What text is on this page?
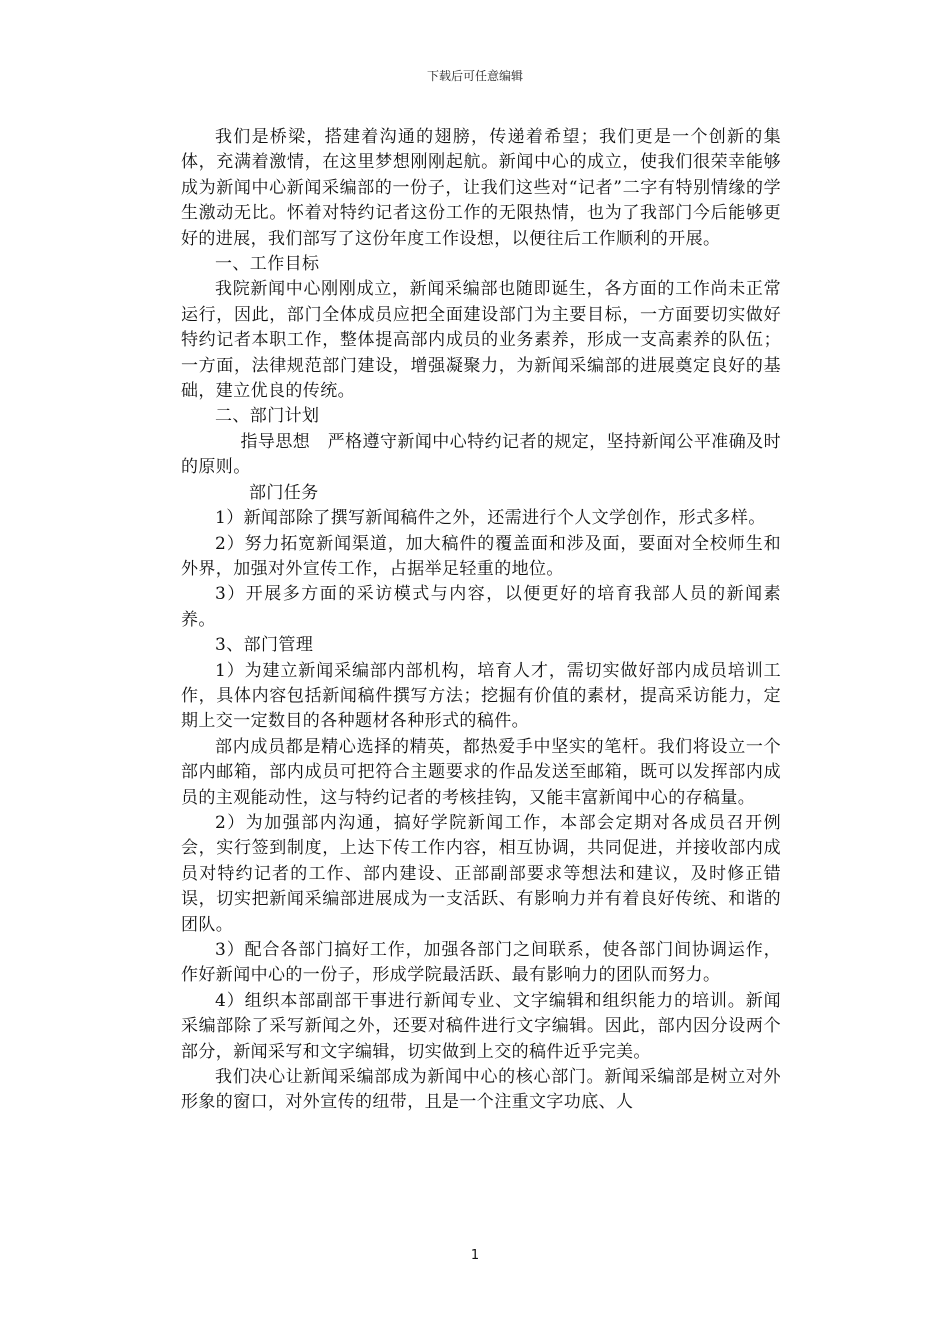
下载后可任意编辑

我们是桥梁，搭建着沟通的翅膀，传递着希望；我们更是一个创新的集体，充满着激情，在这里梦想刚刚起航。新闻中心的成立，使我们很荣幸能够成为新闻中心新闻采编部的一份子，让我们这些对“记者”二字有特别情缘的学生激动无比。怀着对特约记者这份工作的无限热情，也为了我部门今后能够更好的进展，我们部写了这份年度工作设想，以便往后工作顺利的开展。

一、工作目标

我院新闻中心刚刚成立，新闻采编部也随即诞生，各方面的工作尚未正常运行，因此，部门全体成员应把全面建设部门为主要目标，一方面要切实做好特约记者本职工作，整体提高部内成员的业务素养，形成一支高素养的队伍；一方面，法律规范部门建设，增强凝聚力，为新闻采编部的进展奠定良好的基础，建立优良的传统。

二、部门计划

指导思想　严格遵守新闻中心特约记者的规定，坚持新闻公平准确及时的原则。

部门任务

1）新闻部除了撰写新闻稿件之外，还需进行个人文学创作，形式多样。

2）努力拓宽新闻渠道，加大稿件的覆盖面和涉及面，要面对全校师生和外界，加强对外宣传工作，占据举足轻重的地位。

3）开展多方面的采访模式与内容，以便更好的培育我部人员的新闻素养。

3、部门管理

1）为建立新闻采编部内部机构，培育人才，需切实做好部内成员培训工作，具体内容包括新闻稿件撰写方法；挖掘有价值的素材，提高采访能力，定期上交一定数目的各种题材各种形式的稿件。

部内成员都是精心选择的精英，都热爱手中坚实的笔杆。我们将设立一个部内邮箱，部内成员可把符合主题要求的作品发送至邮箱，既可以发挥部内成员的主观能动性，这与特约记者的考核挂钩，又能丰富新闻中心的存稿量。

2）为加强部内沟通，搞好学院新闻工作，本部会定期对各成员召开例会，实行签到制度，上达下传工作内容，相互协调，共同促进，并接收部内成员对特约记者的工作、部内建设、正部副部要求等想法和建议，及时修正错误，切实把新闻采编部进展成为一支活跃、有影响力并有着良好传统、和谐的团队。

3）配合各部门搞好工作，加强各部门之间联系，使各部门间协调运作，作好新闻中心的一份子，形成学院最活跃、最有影响力的团队而努力。

4）组织本部副部干事进行新闻专业、文字编辑和组织能力的培训。新闻采编部除了采写新闻之外，还要对稿件进行文字编辑。因此，部内因分设两个部分，新闻采写和文字编辑，切实做到上交的稿件近乎完美。

我们决心让新闻采编部成为新闻中心的核心部门。新闻采编部是树立对外形象的窗口，对外宣传的纽带，且是一个注重文字功底、人

1
